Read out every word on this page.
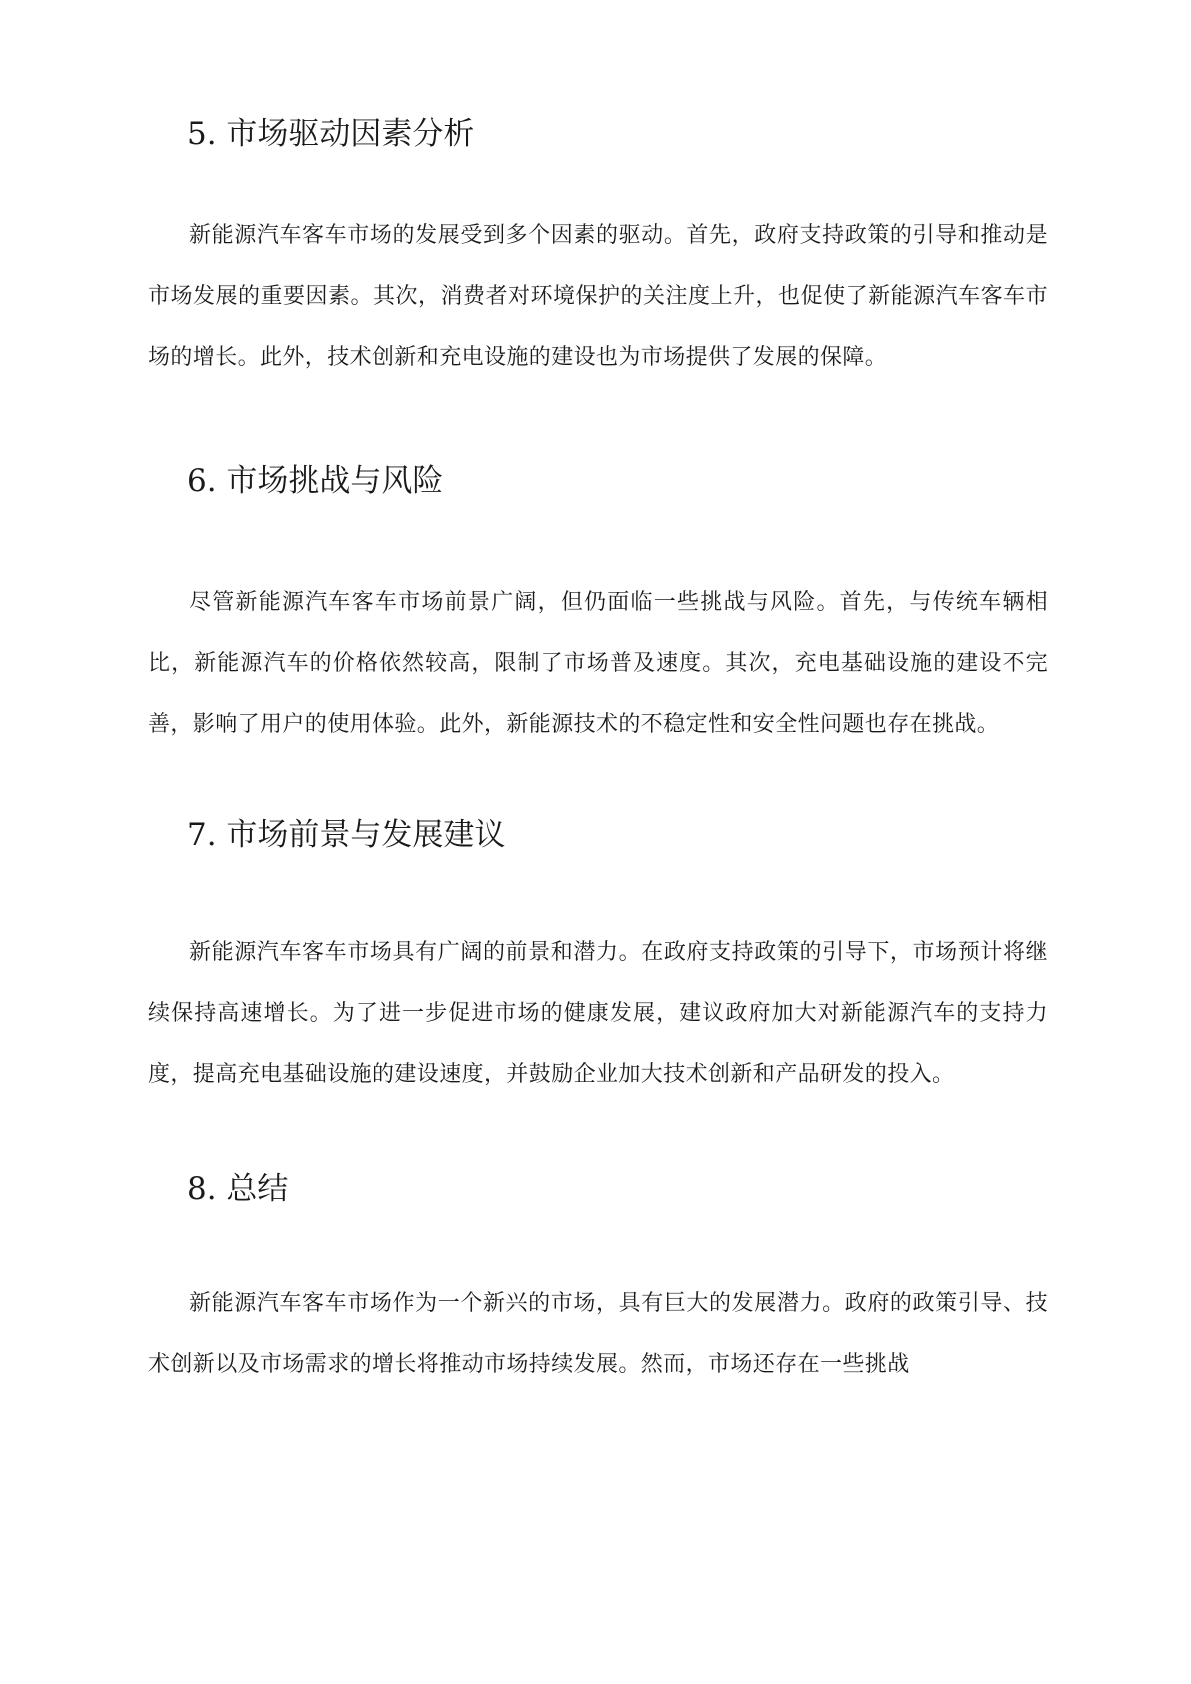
5. 市场驱动因素分析

新能源汽车客车市场的发展受到多个因素的驱动。首先，政府支持政策的引导和推动是市场发展的重要因素。其次，消费者对环境保护的关注度上升，也促使了新能源汽车客车市场的增长。此外，技术创新和充电设施的建设也为市场提供了发展的保障。

6. 市场挑战与风险

尽管新能源汽车客车市场前景广阔，但仍面临一些挑战与风险。首先，与传统车辆相比，新能源汽车的价格依然较高，限制了市场普及速度。其次，充电基础设施的建设不完善，影响了用户的使用体验。此外，新能源技术的不稳定性和安全性问题也存在挑战。

7. 市场前景与发展建议

新能源汽车客车市场具有广阔的前景和潜力。在政府支持政策的引导下，市场预计将继续保持高速增长。为了进一步促进市场的健康发展，建议政府加大对新能源汽车的支持力度，提高充电基础设施的建设速度，并鼓励企业加大技术创新和产品研发的投入。

8. 总结

新能源汽车客车市场作为一个新兴的市场，具有巨大的发展潜力。政府的政策引导、技术创新以及市场需求的增长将推动市场持续发展。然而，市场还存在一些挑战
